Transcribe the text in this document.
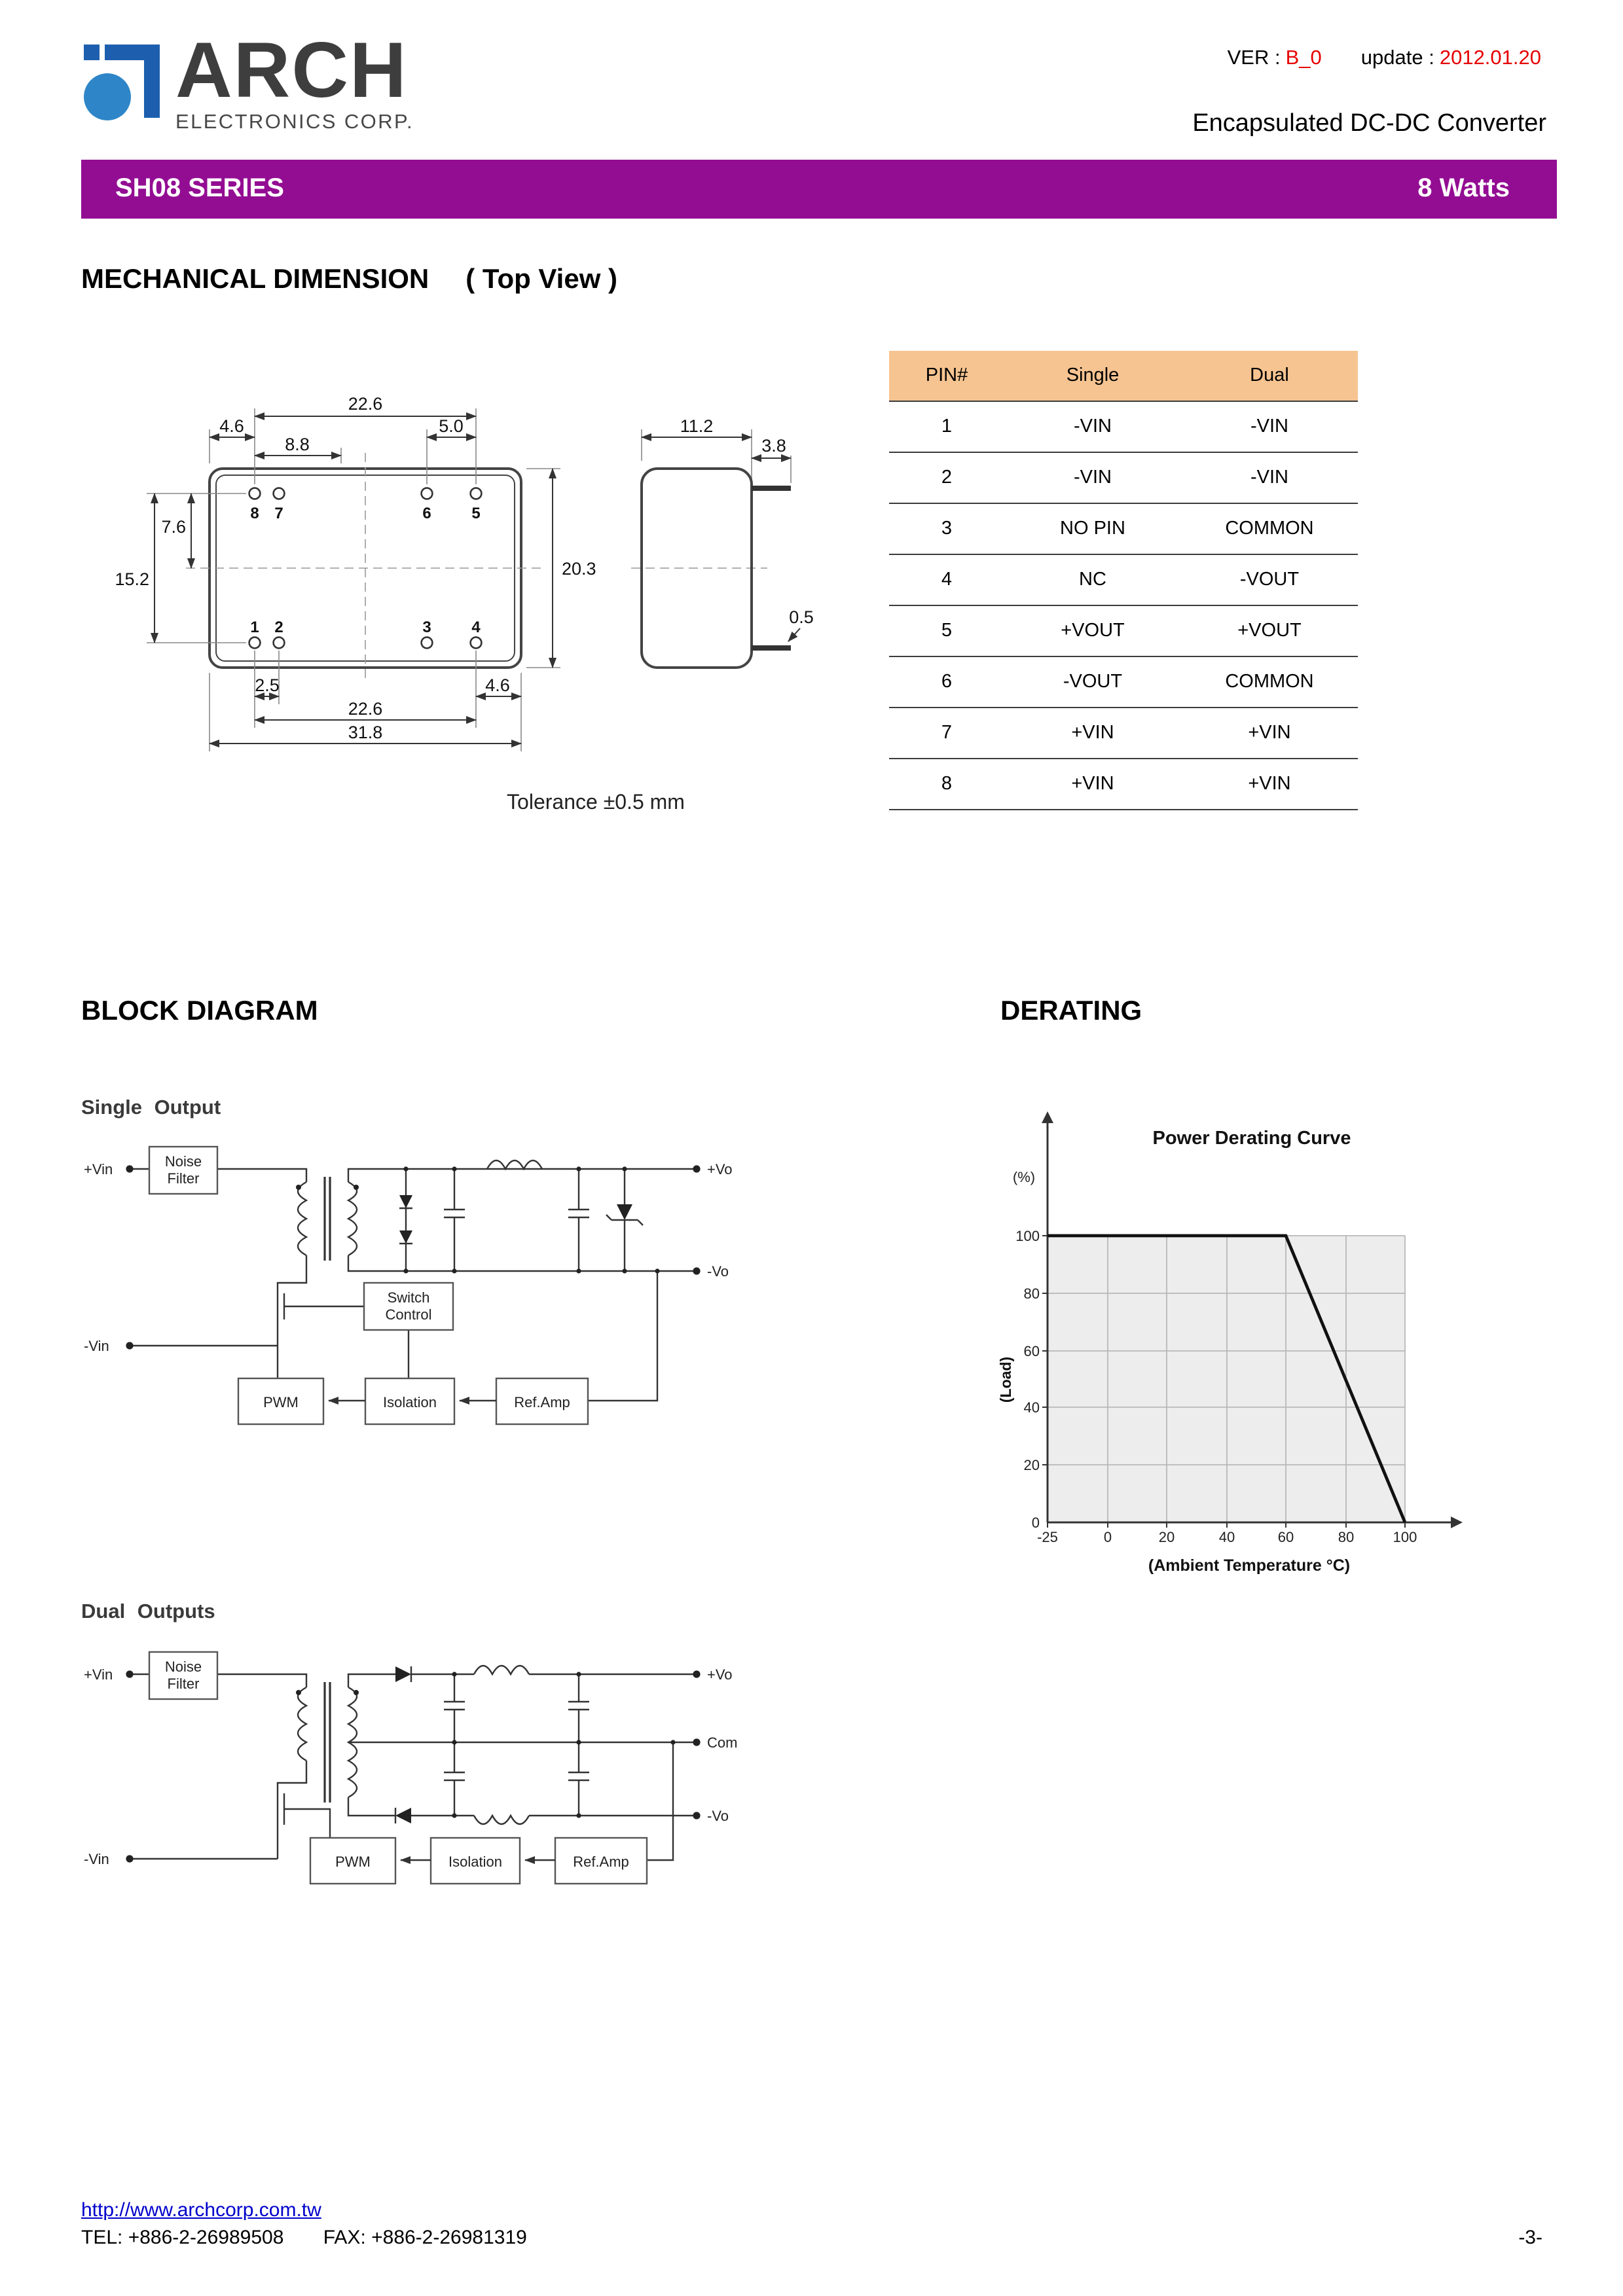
ARCH
ELECTRONICS CORP.
VER : B_0	update : 2012.01.20
Encapsulated DC-DC Converter
SH08 SERIES	8 Watts
MECHANICAL DIMENSION	( Top View )
8 7	6	5
1 2	3	4
22.6
4.6	5.0
8.8
7.6
15.2
20.3
11.2
3.8
0.5
2.5	4.6
22.6
31.8
Tolerance ±0.5 mm
PIN#	Single	Dual
1	-VIN	-VIN
2	-VIN	-VIN
3	NO PIN	COMMON
4	NC	-VOUT
5	+VOUT	+VOUT
6	-VOUT	COMMON
7	+VIN	+VIN
8	+VIN	+VIN
BLOCK DIAGRAM	DERATING
Single Output
+Vin
-Vin
Noise
Filter
Switch
Control
PWM	Isolation	Ref.Amp
+Vo
-Vo
Power Derating Curve
(%)
100
80
60
40
20
0
-25	0	20	40	60	80	100
(Load)
(Ambient Temperature °C)
Dual Outputs
+Vin
-Vin
Noise
Filter
PWM	Isolation	Ref.Amp
+Vo
Com
-Vo
http://www.archcorp.com.tw
TEL: +886-2-26989508	FAX: +886-2-26981319	-3-
